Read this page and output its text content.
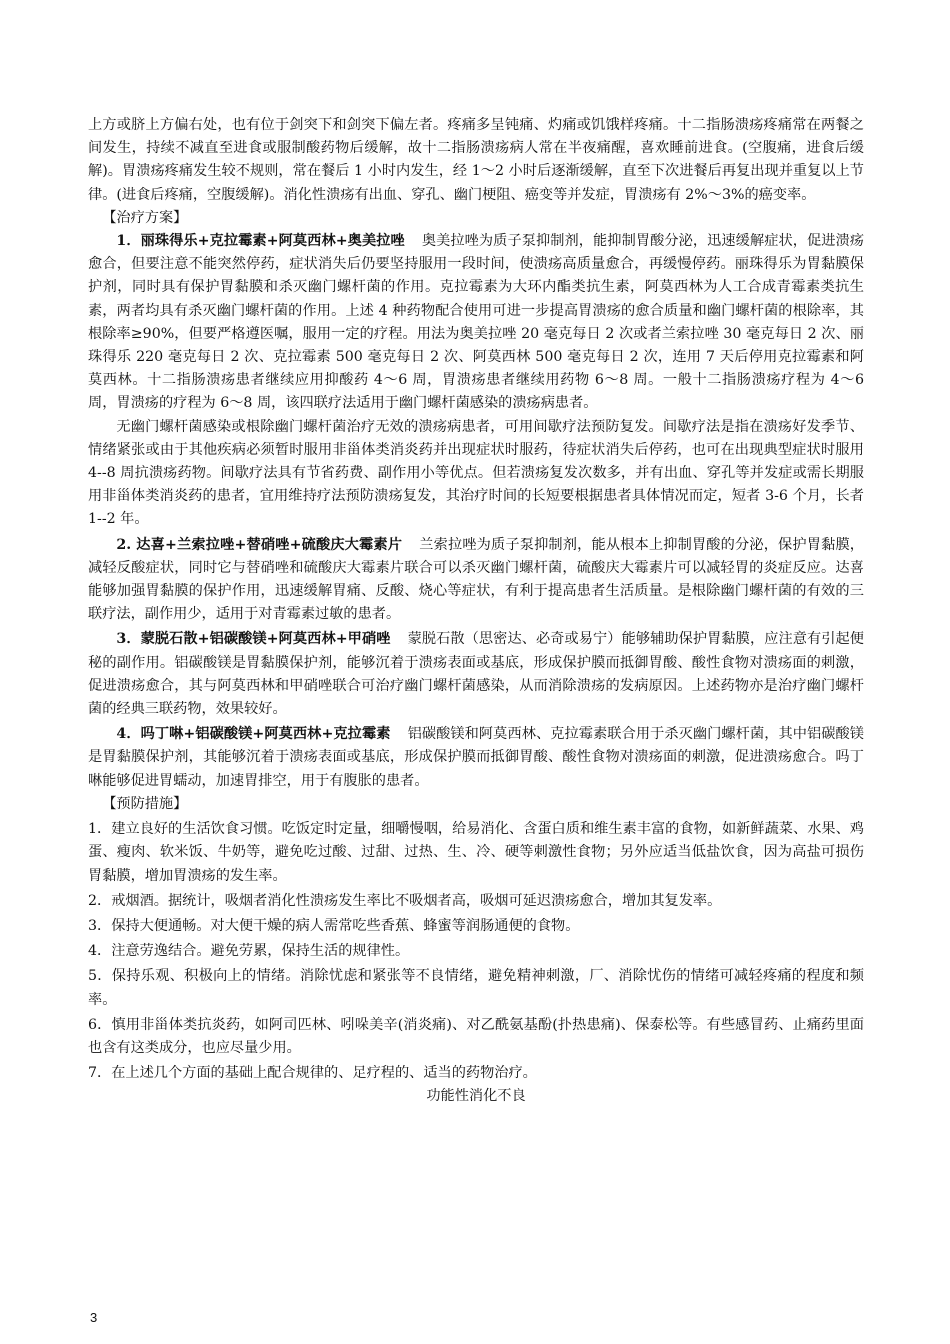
上方或脐上方偏右处，也有位于剑突下和剑突下偏左者。疼痛多呈钝痛、灼痛或饥饿样疼痛。十二指肠溃疡疼痛常在两餐之间发生，持续不减直至进食或服制酸药物后缓解，故十二指肠溃疡病人常在半夜痛醒，喜欢睡前进食。(空腹痛，进食后缓解)。胃溃疡疼痛发生较不规则，常在餐后 1 小时内发生，经 1～2 小时后逐渐缓解，直至下次进餐后再复出现并重复以上节律。(进食后疼痛，空腹缓解)。消化性溃疡有出血、穿孔、幽门梗阻、癌变等并发症，胃溃疡有 2%～3%的癌变率。

【治疗方案】

1．丽珠得乐+克拉霉素+阿莫西林+奥美拉唑 奥美拉唑为质子泵抑制剂，能抑制胃酸分泌，迅速缓解症状，促进溃疡愈合，但要注意不能突然停药，症状消失后仍要坚持服用一段时间，使溃疡高质量愈合，再缓慢停药。丽珠得乐为胃黏膜保护剂，同时具有保护胃黏膜和杀灭幽门螺杆菌的作用。克拉霉素为大环内酯类抗生素，阿莫西林为人工合成青霉素类抗生素，两者均具有杀灭幽门螺杆菌的作用。上述 4 种药物配合使用可进一步提高胃溃疡的愈合质量和幽门螺杆菌的根除率，其根除率≥90%，但要严格遵医嘱，服用一定的疗程。用法为奥美拉唑 20 毫克每日 2 次或者兰索拉唑 30 毫克每日 2 次、丽珠得乐 220 毫克每日 2 次、克拉霉素 500 毫克每日 2 次、阿莫西林 500 毫克每日 2 次，连用 7 天后停用克拉霉素和阿莫西林。十二指肠溃疡患者继续应用抑酸药 4～6 周，胃溃疡患者继续用药物 6～8 周。一般十二指肠溃疡疗程为 4～6 周，胃溃疡的疗程为 6～8 周，该四联疗法适用于幽门螺杆菌感染的溃疡病患者。

无幽门螺杆菌感染或根除幽门螺杆菌治疗无效的溃疡病患者，可用间歇疗法预防复发。间歇疗法是指在溃疡好发季节、情绪紧张或由于其他疾病必须暂时服用非甾体类消炎药并出现症状时服药，待症状消失后停药，也可在出现典型症状时服用 4--8 周抗溃疡药物。间歇疗法具有节省药费、副作用小等优点。但若溃疡复发次数多，并有出血、穿孔等并发症或需长期服用非甾体类消炎药的患者，宜用维持疗法预防溃疡复发，其治疗时间的长短要根据患者具体情况而定，短者 3-6 个月，长者 1--2 年。

2. 达喜+兰索拉唑+替硝唑+硫酸庆大霉素片 兰索拉唑为质子泵抑制剂，能从根本上抑制胃酸的分泌，保护胃黏膜，减轻反酸症状，同时它与替硝唑和硫酸庆大霉素片联合可以杀灭幽门螺杆菌，硫酸庆大霉素片可以减轻胃的炎症反应。达喜能够加强胃黏膜的保护作用，迅速缓解胃痛、反酸、烧心等症状，有利于提高患者生活质量。是根除幽门螺杆菌的有效的三联疗法，副作用少，适用于对青霉素过敏的患者。

3．蒙脱石散+铝碳酸镁+阿莫西林+甲硝唑 蒙脱石散（思密达、必奇或易宁）能够辅助保护胃黏膜，应注意有引起便秘的副作用。铝碳酸镁是胃黏膜保护剂，能够沉着于溃疡表面或基底，形成保护膜而抵御胃酸、酸性食物对溃疡面的刺激，促进溃疡愈合，其与阿莫西林和甲硝唑联合可治疗幽门螺杆菌感染，从而消除溃疡的发病原因。上述药物亦是治疗幽门螺杆菌的经典三联药物，效果较好。

4．吗丁啉+铝碳酸镁+阿莫西林+克拉霉素 铝碳酸镁和阿莫西林、克拉霉素联合用于杀灭幽门螺杆菌，其中铝碳酸镁是胃黏膜保护剂，其能够沉着于溃疡表面或基底，形成保护膜而抵御胃酸、酸性食物对溃疡面的刺激，促进溃疡愈合。吗丁啉能够促进胃蠕动，加速胃排空，用于有腹胀的患者。

【预防措施】

1．建立良好的生活饮食习惯。吃饭定时定量，细嚼慢咽，给易消化、含蛋白质和维生素丰富的食物，如新鲜蔬菜、水果、鸡蛋、瘦肉、软米饭、牛奶等，避免吃过酸、过甜、过热、生、冷、硬等刺激性食物；另外应适当低盐饮食，因为高盐可损伤胃黏膜，增加胃溃疡的发生率。

2．戒烟酒。据统计，吸烟者消化性溃疡发生率比不吸烟者高，吸烟可延迟溃疡愈合，增加其复发率。

3．保持大便通畅。对大便干燥的病人需常吃些香蕉、蜂蜜等润肠通便的食物。

4．注意劳逸结合。避免劳累，保持生活的规律性。

5．保持乐观、积极向上的情绪。消除忧虑和紧张等不良情绪，避免精神刺激，厂、消除忧伤的情绪可减轻疼痛的程度和频率。

6．慎用非甾体类抗炎药，如阿司匹林、吲哚美辛(消炎痛)、对乙酰氨基酚(扑热患痛)、保泰松等。有些感冒药、止痛药里面也含有这类成分，也应尽量少用。

7．在上述几个方面的基础上配合规律的、足疗程的、适当的药物治疗。

功能性消化不良

3
